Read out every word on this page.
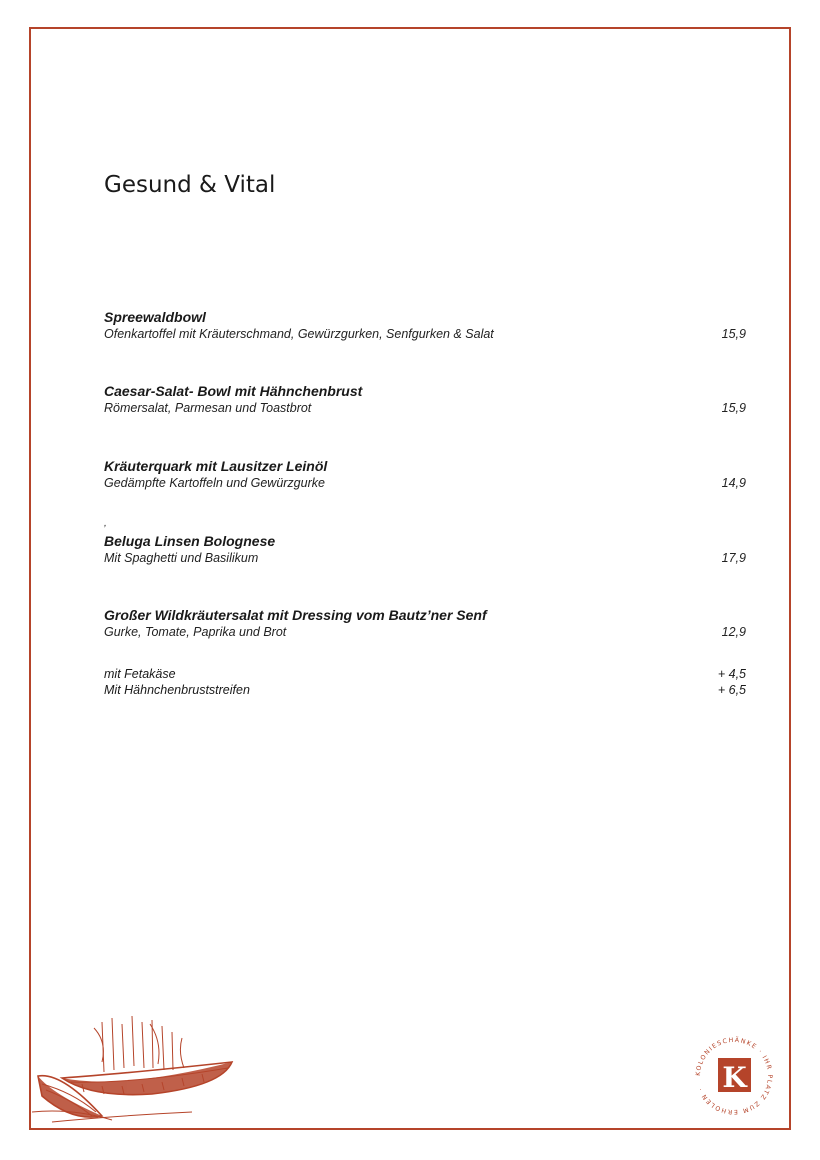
Gesund & Vital
Spreewaldbowl
Ofenkartoffel mit Kräuterschmand, Gewürzgurken, Senfgurken & Salat	15,9
Caesar-Salat- Bowl mit Hähnchenbrust
Römersalat, Parmesan und Toastbrot	15,9
Kräuterquark mit Lausitzer Leinöl
Gedämpfte Kartoffeln und Gewürzgurke	14,9
,
Beluga Linsen Bolognese
Mit Spaghetti und Basilikum	17,9
Großer Wildkräutersalat mit Dressing vom Bautz’ner Senf
Gurke, Tomate, Paprika und Brot	12,9
mit Fetakäse	+ 4,5
Mit Hähnchenbruststreifen	+ 6,5
KOLONIESCHÄNKE · IHR PLATZ ZUM ERHOLEN · K
